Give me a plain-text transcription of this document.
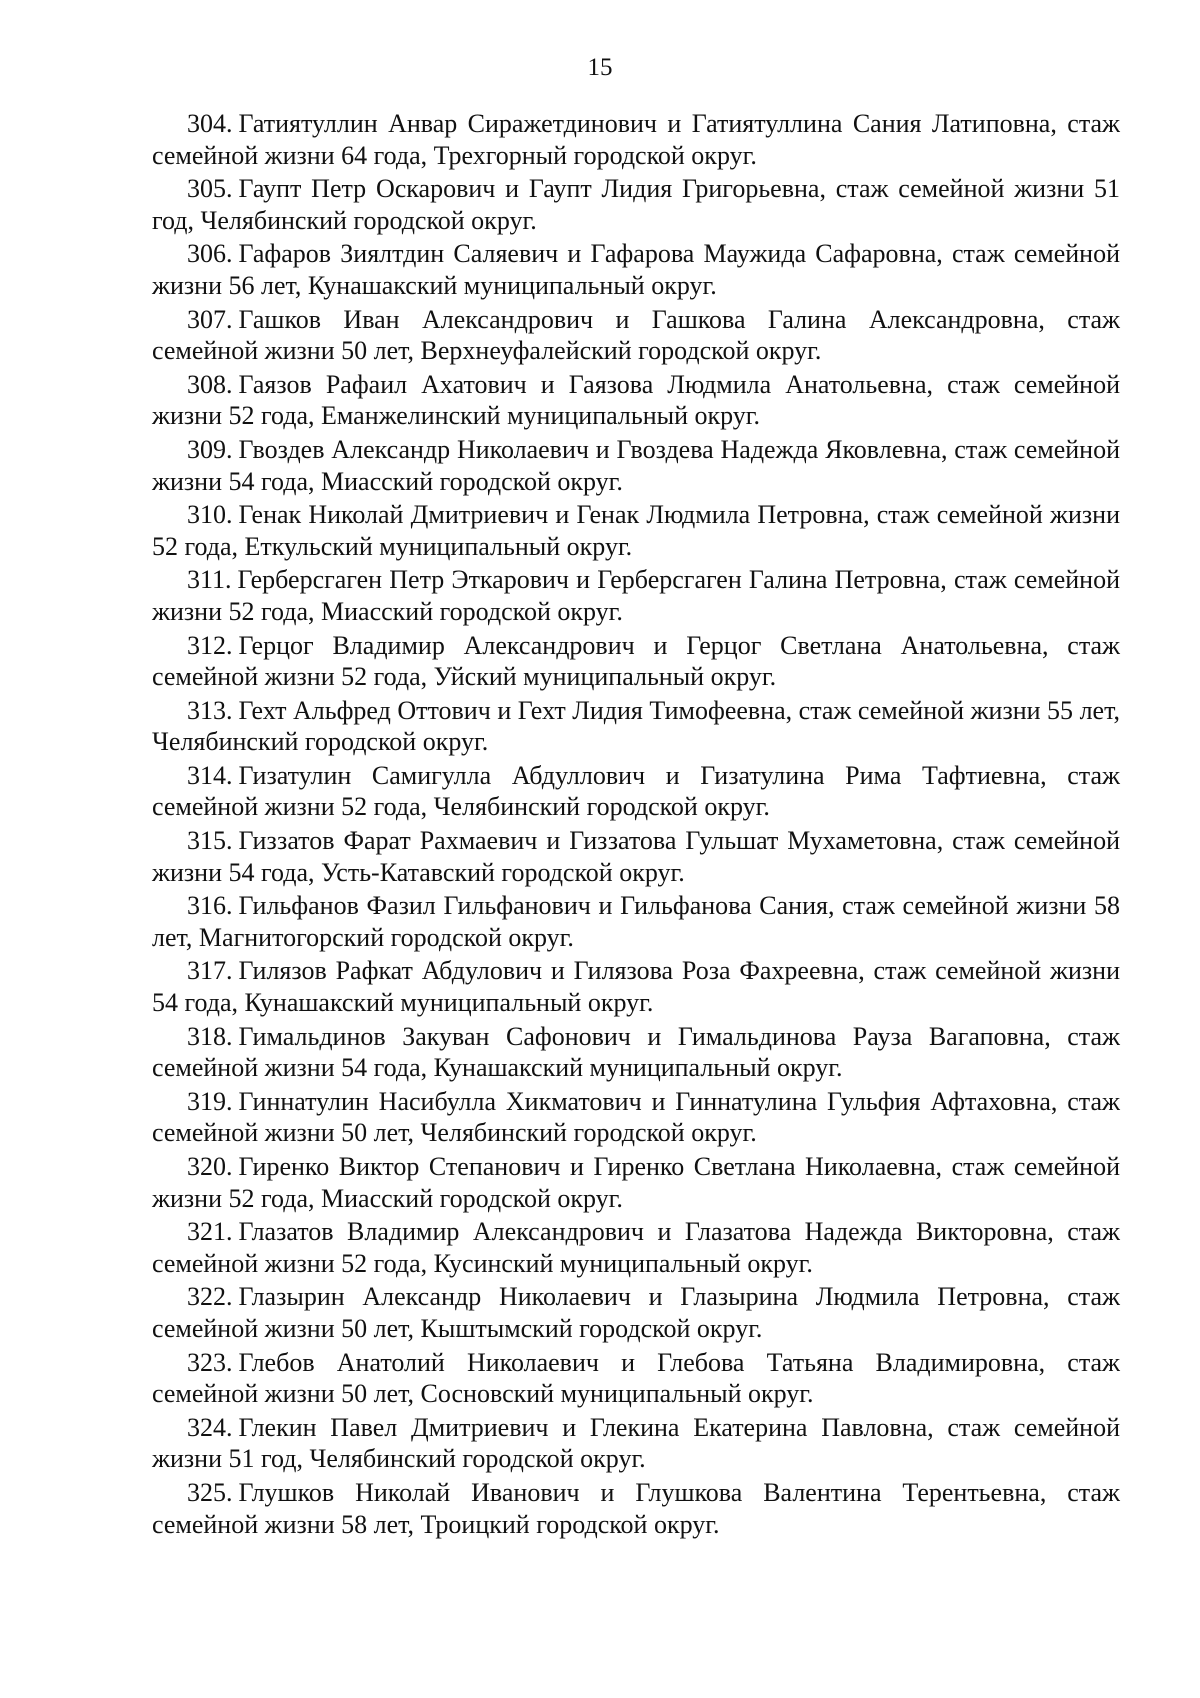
15
304. Гатиятуллин Анвар Сиражетдинович и Гатиятуллина Сания Латиповна, стаж семейной жизни 64 года, Трехгорный городской округ.
305. Гаупт Петр Оскарович и Гаупт Лидия Григорьевна, стаж семейной жизни 51 год, Челябинский городской округ.
306. Гафаров Зиялтдин Саляевич и Гафарова Маужида Сафаровна, стаж семейной жизни 56 лет, Кунашакский муниципальный округ.
307. Гашков Иван Александрович и Гашкова Галина Александровна, стаж семейной жизни 50 лет, Верхнеуфалейский городской округ.
308. Гаязов Рафаил Ахатович и Гаязова Людмила Анатольевна, стаж семейной жизни 52 года, Еманжелинский муниципальный округ.
309. Гвоздев Александр Николаевич и Гвоздева Надежда Яковлевна, стаж семейной жизни 54 года, Миасский городской округ.
310. Генак Николай Дмитриевич и Генак Людмила Петровна, стаж семейной жизни 52 года, Еткульский муниципальный округ.
311. Герберсгаген Петр Эткарович и Герберсгаген Галина Петровна, стаж семейной жизни 52 года, Миасский городской округ.
312. Герцог Владимир Александрович и Герцог Светлана Анатольевна, стаж семейной жизни 52 года, Уйский муниципальный округ.
313. Гехт Альфред Оттович и Гехт Лидия Тимофеевна, стаж семейной жизни 55 лет, Челябинский городской округ.
314. Гизатулин Самигулла Абдуллович и Гизатулина Рима Тафтиевна, стаж семейной жизни 52 года, Челябинский городской округ.
315. Гиззатов Фарат Рахмаевич и Гиззатова Гульшат Мухаметовна, стаж семейной жизни 54 года, Усть-Катавский городской округ.
316. Гильфанов Фазил Гильфанович и Гильфанова Сания, стаж семейной жизни 58 лет, Магнитогорский городской округ.
317. Гилязов Рафкат Абдулович и Гилязова Роза Фахреевна, стаж семейной жизни 54 года, Кунашакский муниципальный округ.
318. Гимальдинов Закуван Сафонович и Гимальдинова Рауза Вагаповна, стаж семейной жизни 54 года, Кунашакский муниципальный округ.
319. Гиннатулин Насибулла Хикматович и Гиннатулина Гульфия Афтаховна, стаж семейной жизни 50 лет, Челябинский городской округ.
320. Гиренко Виктор Степанович и Гиренко Светлана Николаевна, стаж семейной жизни 52 года, Миасский городской округ.
321. Глазатов Владимир Александрович и Глазатова Надежда Викторовна, стаж семейной жизни 52 года, Кусинский муниципальный округ.
322. Глазырин Александр Николаевич и Глазырина Людмила Петровна, стаж семейной жизни 50 лет, Кыштымский городской округ.
323. Глебов Анатолий Николаевич и Глебова Татьяна Владимировна, стаж семейной жизни 50 лет, Сосновский муниципальный округ.
324. Глекин Павел Дмитриевич и Глекина Екатерина Павловна, стаж семейной жизни 51 год, Челябинский городской округ.
325. Глушков Николай Иванович и Глушкова Валентина Терентьевна, стаж семейной жизни 58 лет, Троицкий городской округ.
